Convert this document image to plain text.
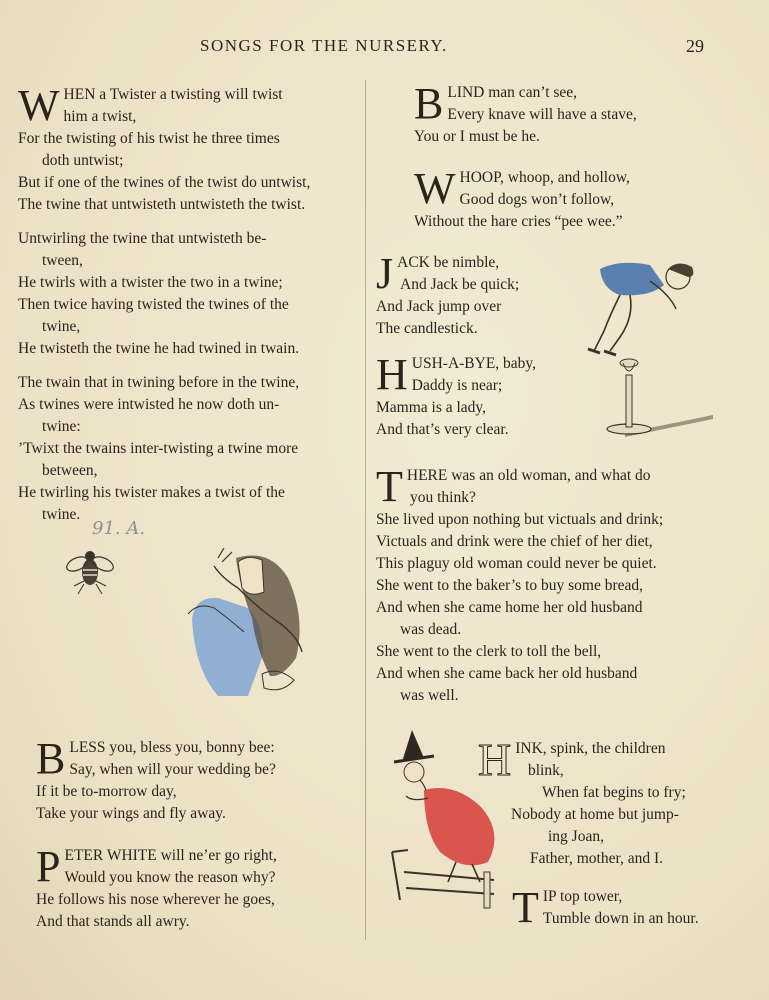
SONGS FOR THE NURSERY.	29
W HEN a Twister a twisting will twist
him a twist,
For the twisting of his twist he three times
doth untwist;
But if one of the twines of the twist do untwist,
The twine that untwisteth untwisteth the twist.
Untwirling the twine that untwisteth be-
tween,
He twirls with a twister the two in a twine;
Then twice having twisted the twines of the
twine,
He twisteth the twine he had twined in twain.
The twain that in twining before in the twine,
As twines were intwisted he now doth un-
twine:
’Twixt the twains inter-twisting a twine more
between,
He twirling his twister makes a twist of the
twine.
91. A.
B LESS you, bless you, bonny bee:
Say, when will your wedding be?
If it be to-morrow day,
Take your wings and fly away.
P ETER WHITE will ne’er go right,
Would you know the reason why?
He follows his nose wherever he goes,
And that stands all awry.
B LIND man can’t see,
Every knave will have a stave,
You or I must be he.
W HOOP, whoop, and hollow,
Good dogs won’t follow,
Without the hare cries “pee wee.”
J ACK be nimble,
And Jack be quick;
And Jack jump over
The candlestick.
H USH-A-BYE, baby,
Daddy is near;
Mamma is a lady,
And that’s very clear.
T HERE was an old woman, and what do
you think?
She lived upon nothing but victuals and drink;
Victuals and drink were the chief of her diet,
This plaguy old woman could never be quiet.
She went to the baker’s to buy some bread,
And when she came home her old husband
was dead.
She went to the clerk to toll the bell,
And when she came back her old husband
was well.
H INK, spink, the children
blink,
When fat begins to fry;
Nobody at home but jump-
ing Joan,
Father, mother, and I.
T IP top tower,
Tumble down in an hour.
